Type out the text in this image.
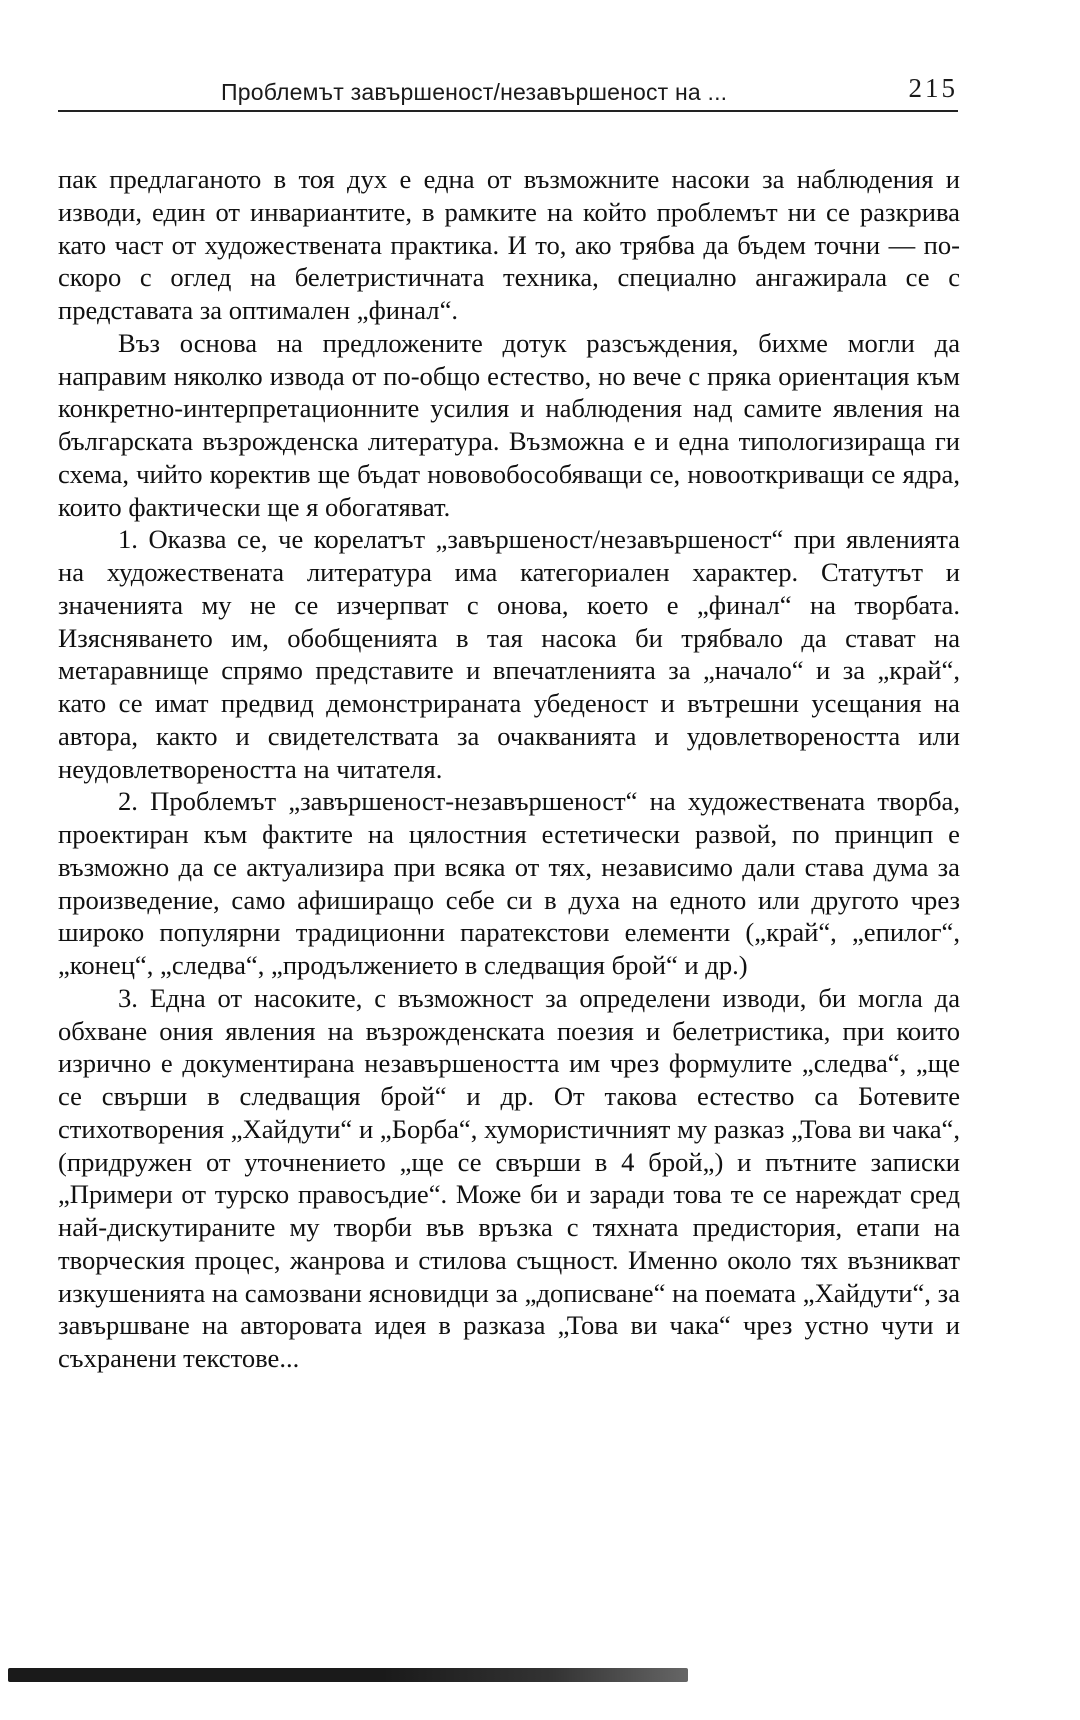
Проблемът завършеност/незавършеност на ...	215

пак предлаганото в тоя дух е една от възможните насоки за наблюдения и изводи, един от инвариантите, в рамките на който проблемът ни се разкрива като част от художествената практика. И то, ако трябва да бъдем точни — по-скоро с оглед на белетристичната техника, специално ангажирала се с представата за оптимален „финал“.

Въз основа на предложените дотук разсъждения, бихме могли да направим няколко извода от по-общо естество, но вече с пряка ориентация към конкретно-интерпретационните усилия и наблюдения над самите явления на българската възрожденска литература. Възможна е и една типологизираща ги схема, чийто коректив ще бъдат нововобособяващи се, новооткриващи се ядра, които фактически ще я обогатяват.

1. Оказва се, че корелатът „завършеност/незавършеност“ при явленията на художествената литература има категориален характер. Статутът и значенията му не се изчерпват с онова, което е „финал“ на творбата. Изясняването им, обобщенията в тая насока би трябвало да стават на метаравнище спрямо представите и впечатленията за „начало“ и за „край“, като се имат предвид демонстрираната убеденост и вътрешни усещания на автора, както и свидетелствата за очакванията и удовлетвореността или неудовлетвореността на читателя.

2. Проблемът „завършеност-незавършеност“ на художествената творба, проектиран към фактите на цялостния естетически развой, по принцип е възможно да се актуализира при всяка от тях, независимо дали става дума за произведение, само афиширащо себе си в духа на едното или другото чрез широко популярни традиционни паратекстови елементи („край“, „епилог“, „конец“, „следва“, „продължението в следващия брой“ и др.)

3. Една от насоките, с възможност за определени изводи, би могла да обхване ония явления на възрожденската поезия и белетристика, при които изрично е документирана незавършеността им чрез формулите „следва“, „ще се свърши в следващия брой“ и др. От такова естество са Ботевите стихотворения „Хайдути“ и „Борба“, хумористичният му разказ „Това ви чака“, (придружен от уточнението „ще се свърши в 4 брой„) и пътните записки „Примери от турско правосъдие“. Може би и заради това те се нареждат сред най-дискутираните му творби във връзка с тяхната предистория, етапи на творческия процес, жанрова и стилова същност. Именно около тях възникват изкушенията на самозвани ясновидци за „дописване“ на поемата „Хайдути“, за завършване на авторовата идея в разказа „Това ви чака“ чрез устно чути и съхранени текстове...
